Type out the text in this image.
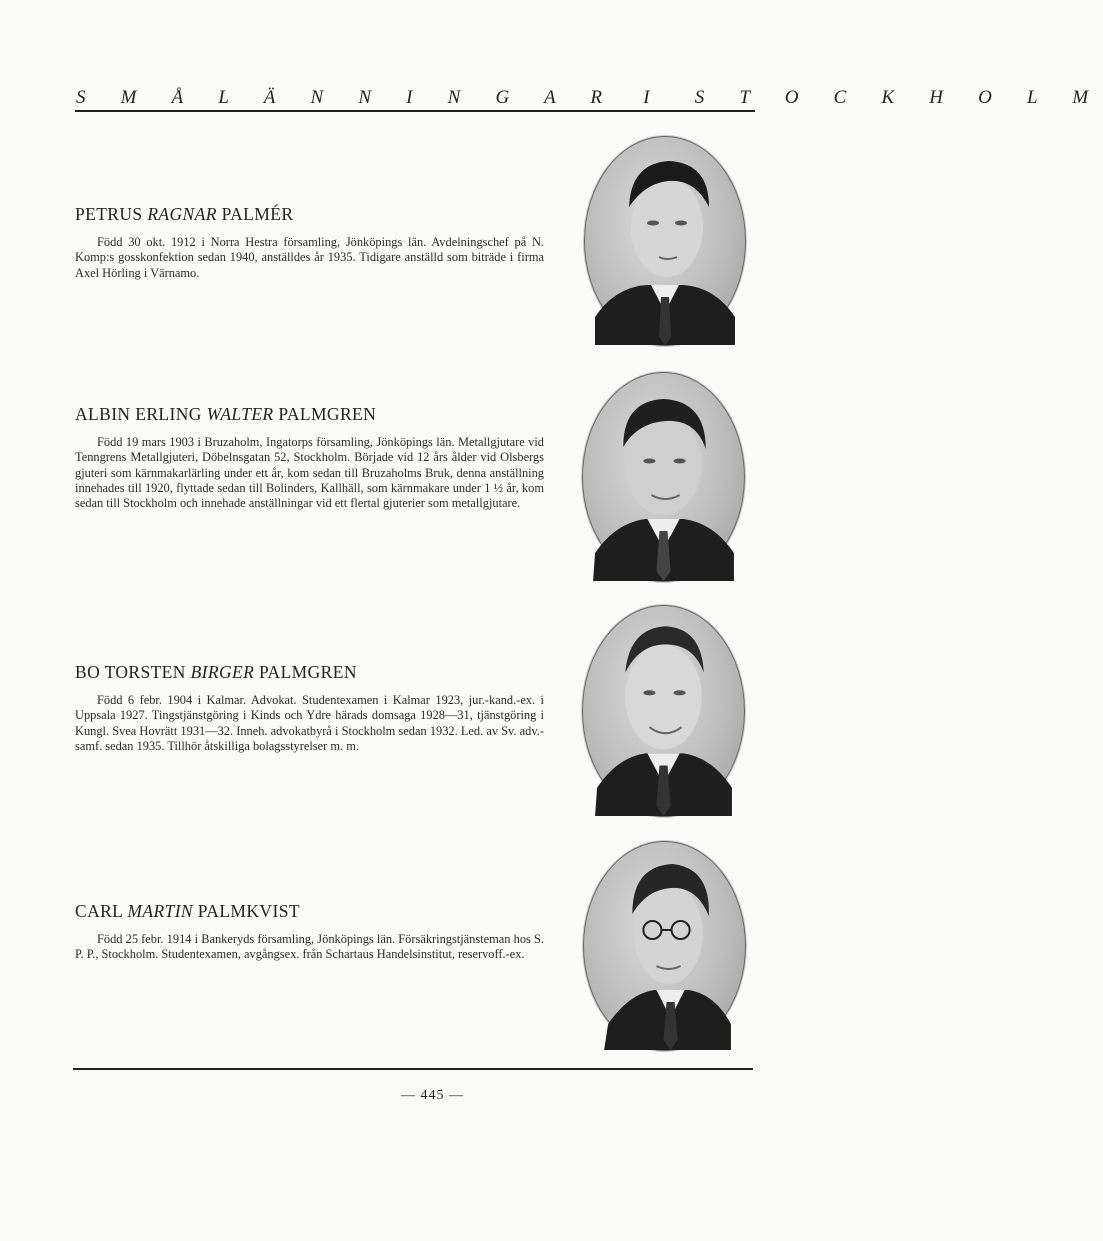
S M Å L Ä N N I N G A R I S T O C K H O L M
PETRUS RAGNAR PALMÉR

Född 30 okt. 1912 i Norra Hestra församling, Jönköpings län. Avdelningschef på N. Komp:s gosskonfektion sedan 1940, anställdes år 1935. Tidigare anställd som biträde i firma Axel Hörling i Värnamo.

ALBIN ERLING WALTER PALMGREN

Född 19 mars 1903 i Bruzaholm, Ingatorps församling, Jönköpings län. Metallgjutare vid Tenngrens Metallgjuteri, Döbelnsgatan 52, Stockholm. Började vid 12 års ålder vid Olsbergs gjuteri som kärnmakarlärling under ett år, kom sedan till Bruzaholms Bruk, denna anställning innehades till 1920, flyttade sedan till Bolinders, Kallhäll, som kärnmakare under 1 ½ år, kom sedan till Stockholm och innehade anställningar vid ett flertal gjuterier som metallgjutare.

BO TORSTEN BIRGER PALMGREN

Född 6 febr. 1904 i Kalmar. Advokat. Studentexamen i Kalmar 1923, jur.-kand.-ex. i Uppsala 1927. Tingstjänstgöring i Kinds och Ydre härads domsaga 1928—31, tjänstgöring i Kungl. Svea Hovrätt 1931—32. Inneh. advokatbyrå i Stockholm sedan 1932. Led. av Sv. adv.-samf. sedan 1935. Tillhör åtskilliga bolagsstyrelser m. m.

CARL MARTIN PALMKVIST

Född 25 febr. 1914 i Bankeryds församling, Jönköpings län. Försäkringstjänsteman hos S. P. P., Stockholm. Studentexamen, avgångsex. från Schartaus Handelsinstitut, reservoff.-ex.

— 445 —
